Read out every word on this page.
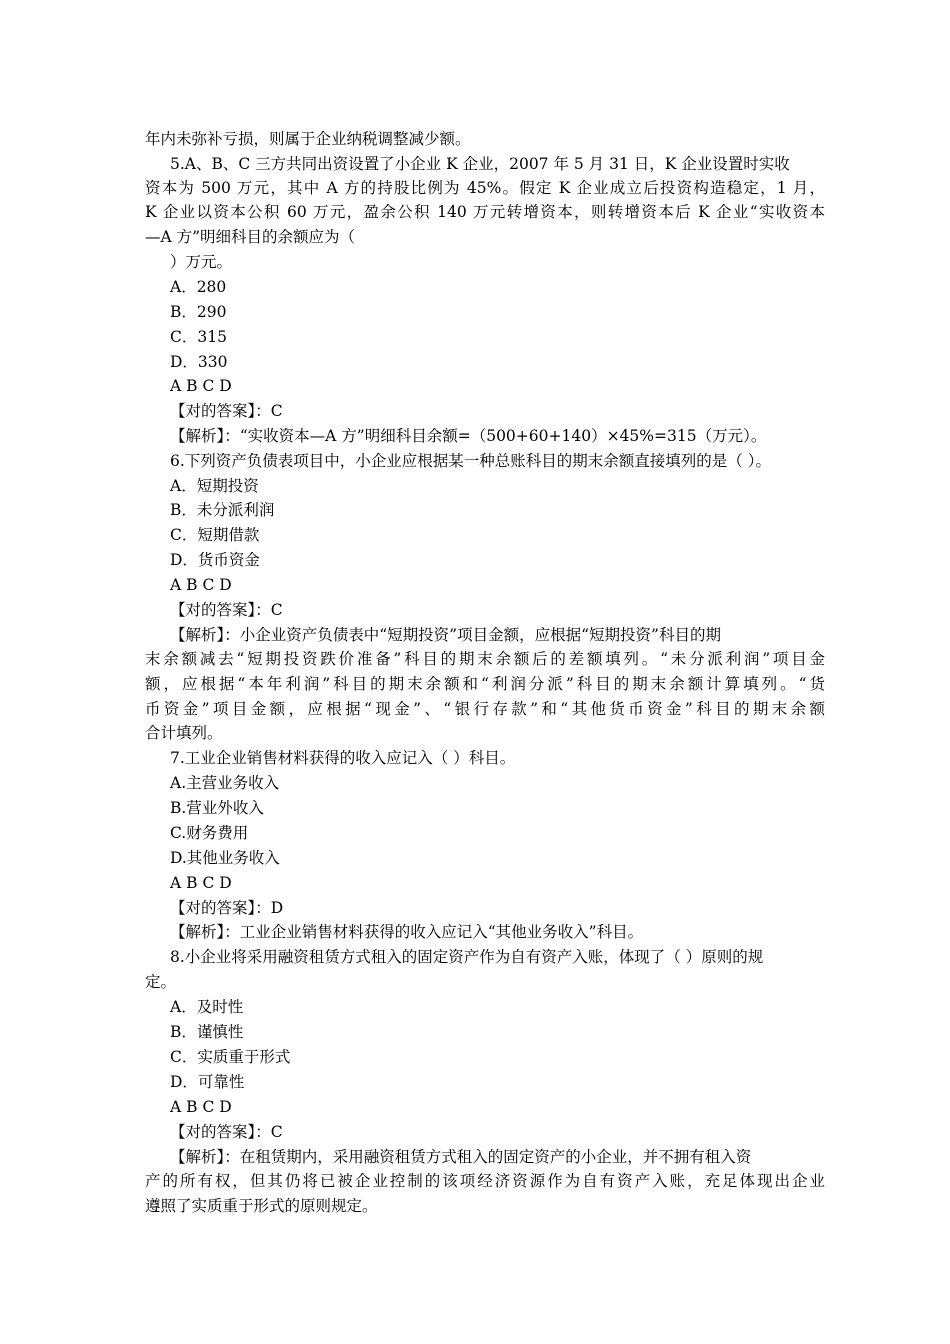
年内未弥补亏损，则属于企业纳税调整减少额。
5.A、B、C 三方共同出资设置了小企业 K 企业，2007 年 5 月 31 日，K 企业设置时实收
资本为 500 万元，其中 A 方的持股比例为 45%。假定 K 企业成立后投资构造稳定，1 月，
K 企业以资本公积 60 万元，盈余公积 140 万元转增资本，则转增资本后 K 企业“实收资本
—A 方”明细科目的余额应为（
）万元。
A．280
B．290
C．315
D．330
A B C D
【对的答案】：C
【解析】：“实收资本—A 方”明细科目余额=（500+60+140）×45%=315（万元）。
6.下列资产负债表项目中，小企业应根据某一种总账科目的期末余额直接填列的是（ ）。
A．短期投资
B．未分派利润
C．短期借款
D．货币资金
A B C D
【对的答案】：C
【解析】：小企业资产负债表中“短期投资”项目金额，应根据“短期投资”科目的期
末余额减去“短期投资跌价准备”科目的期末余额后的差额填列。“未分派利润”项目金
额，应根据“本年利润”科目的期末余额和“利润分派”科目的期末余额计算填列。“货
币资金”项目金额，应根据“现金”、“银行存款”和“其他货币资金”科目的期末余额
合计填列。
7.工业企业销售材料获得的收入应记入（ ）科目。
A.主营业务收入
B.营业外收入
C.财务费用
D.其他业务收入
A B C D
【对的答案】：D
【解析】：工业企业销售材料获得的收入应记入“其他业务收入”科目。
8.小企业将采用融资租赁方式租入的固定资产作为自有资产入账，体现了（ ）原则的规
定。
A．及时性
B．谨慎性
C．实质重于形式
D．可靠性
A B C D
【对的答案】：C
【解析】：在租赁期内，采用融资租赁方式租入的固定资产的小企业，并不拥有租入资
产的所有权，但其仍将已被企业控制的该项经济资源作为自有资产入账，充足体现出企业
遵照了实质重于形式的原则规定。
